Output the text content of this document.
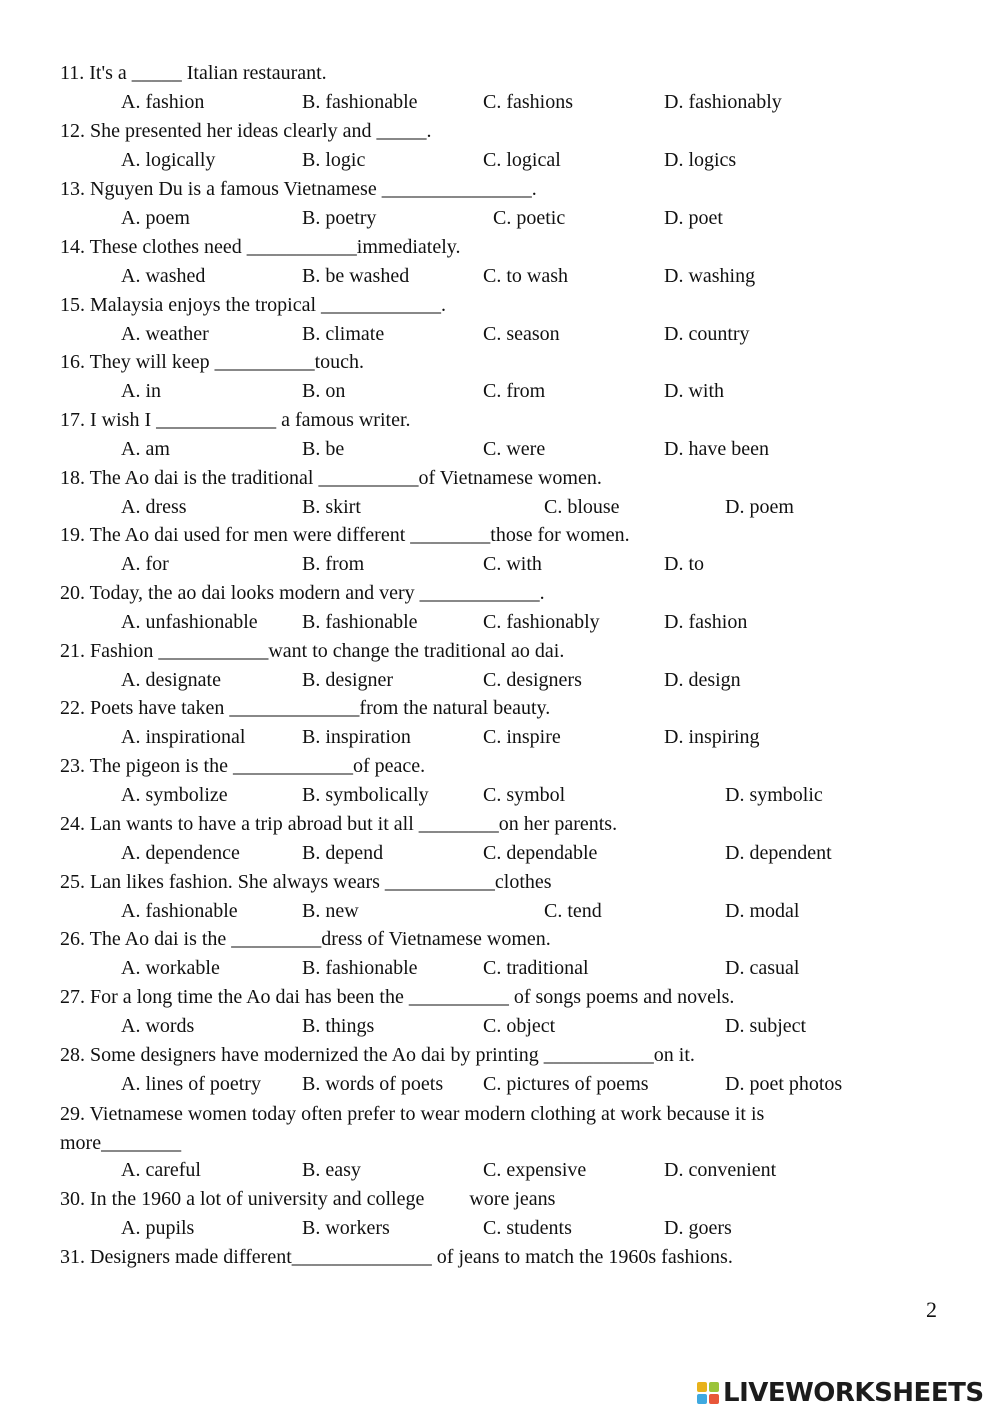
11. It's a _____ Italian restaurant.
A. fashion	B. fashionable	C. fashions	D. fashionably
12. She presented her ideas clearly and _____.
A. logically	B. logic	C. logical	D. logics
13. Nguyen Du is a famous Vietnamese _______________.
A. poem	B. poetry	C. poetic	D. poet
14. These clothes need ___________immediately.
A. washed	B. be washed	C. to wash	D. washing
15. Malaysia enjoys the tropical ____________.
A. weather	B. climate	C. season	D. country
16. They will keep __________touch.
A. in	B. on	C. from	D. with
17. I wish I ____________ a famous writer.
A. am	B. be	C. were	D. have been
18. The Ao dai is the traditional __________of Vietnamese women.
A. dress	B. skirt	C. blouse	D. poem
19. The Ao dai used for men were different ________those for women.
A. for	B. from	C. with	D. to
20. Today, the ao dai looks modern and very ____________.
A. unfashionable B. fashionable	C. fashionably	D. fashion
21. Fashion ___________want to change the traditional ao dai.
A. designate	B. designer	C. designers	D. design
22. Poets have taken _____________from the natural beauty.
A. inspirational	B. inspiration	C. inspire	D. inspiring
23. The pigeon is the ____________of peace.
A. symbolize	B. symbolically	C. symbol	D. symbolic
24. Lan wants to have a trip abroad but it all ________on her parents.
A. dependence	B. depend	C. dependable	D. dependent
25. Lan likes fashion. She always wears ___________clothes
A. fashionable	B. new	C. tend	D. modal
26. The Ao dai is the _________dress of Vietnamese women.
A. workable	B. fashionable	C. traditional	D. casual
27. For a long time the Ao dai has been the __________ of songs poems and novels.
A. words	B. things	C. object	D. subject
28. Some designers have modernized the Ao dai by printing ___________on it.
A. lines of poetry B. words of poets C. pictures of poems	D. poet photos
29. Vietnamese women today often prefer to wear modern clothing at work because it is more________
A. careful	B. easy	C. expensive	D. convenient
30. In the 1960 a lot of university and college         wore jeans
A. pupils	B. workers	C. students	D. goers
31. Designers made different______________ of jeans to match the 1960s fashions.
2
LIVEWORKSHEETS
